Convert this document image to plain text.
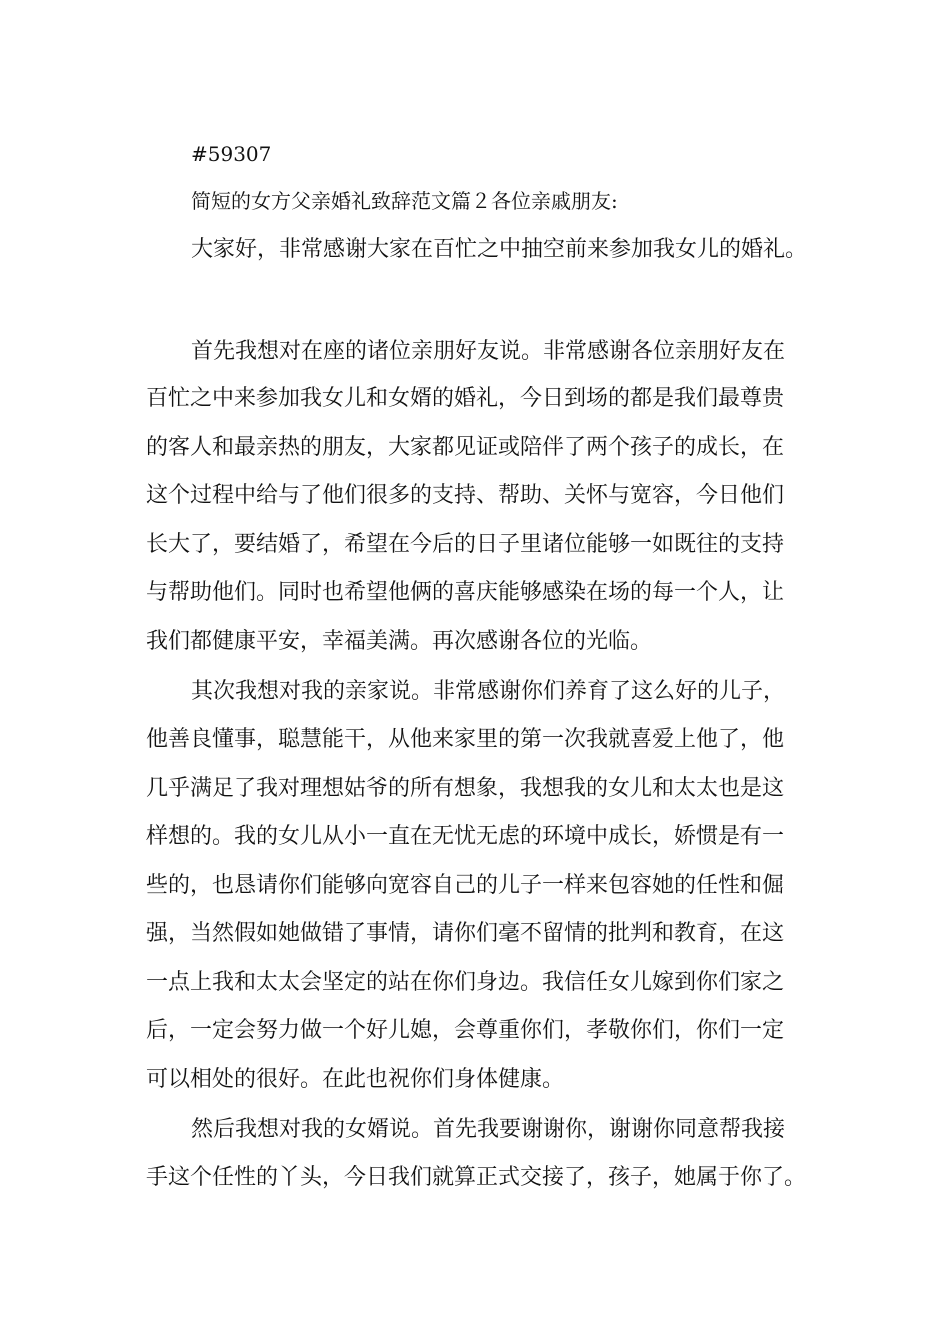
#59307
简短的女方父亲婚礼致辞范文篇２各位亲戚朋友:
大家好，非常感谢大家在百忙之中抽空前来参加我女儿的婚礼。
首先我想对在座的诸位亲朋好友说。非常感谢各位亲朋好友在
百忙之中来参加我女儿和女婿的婚礼，今日到场的都是我们最尊贵
的客人和最亲热的朋友，大家都见证或陪伴了两个孩子的成长，在
这个过程中给与了他们很多的支持、帮助、关怀与宽容，今日他们
长大了，要结婚了，希望在今后的日子里诸位能够一如既往的支持
与帮助他们。同时也希望他俩的喜庆能够感染在场的每一个人，让
我们都健康平安，幸福美满。再次感谢各位的光临。
其次我想对我的亲家说。非常感谢你们养育了这么好的儿子，
他善良懂事，聪慧能干，从他来家里的第一次我就喜爱上他了，他
几乎满足了我对理想姑爷的所有想象，我想我的女儿和太太也是这
样想的。我的女儿从小一直在无忧无虑的环境中成长，娇惯是有一
些的，也恳请你们能够向宽容自己的儿子一样来包容她的任性和倔
强，当然假如她做错了事情，请你们毫不留情的批判和教育，在这
一点上我和太太会坚定的站在你们身边。我信任女儿嫁到你们家之
后，一定会努力做一个好儿媳，会尊重你们，孝敬你们，你们一定
可以相处的很好。在此也祝你们身体健康。
然后我想对我的女婿说。首先我要谢谢你，谢谢你同意帮我接
手这个任性的丫头，今日我们就算正式交接了，孩子，她属于你了。
